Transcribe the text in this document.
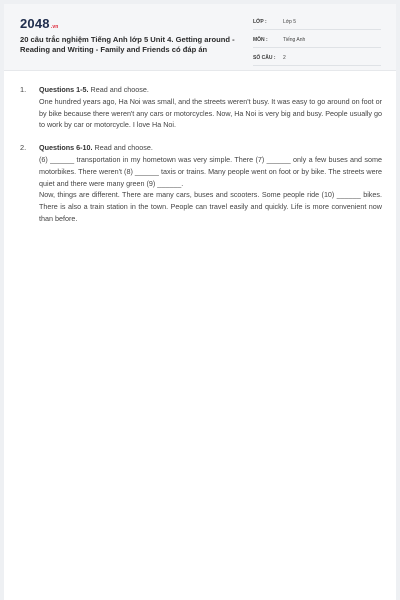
2048.vn
20 câu trắc nghiệm Tiếng Anh lớp 5 Unit 4. Getting around - Reading and Writing - Family and Friends có đáp án
LỚP :	Lớp 5
MÔN :	Tiếng Anh
SỐ CÂU :	2
1.	Questions 1-5. Read and choose.

One hundred years ago, Ha Noi was small, and the streets weren't busy. It was easy to go around on foot or by bike because there weren't any cars or motorcycles. Now, Ha Noi is very big and busy. People usually go to work by car or motorcycle. I love Ha Noi.

2.	Questions 6-10. Read and choose.

(6) ______ transportation in my hometown was very simple. There (7) ______ only a few buses and some motorbikes. There weren't (8) ______ taxis or trains. Many people went on foot or by bike. The streets were quiet and there were many green (9) ______.

Now, things are different. There are many cars, buses and scooters. Some people ride (10) ______ bikes. There is also a train station in the town. People can travel easily and quickly. Life is more convenient now than before.
